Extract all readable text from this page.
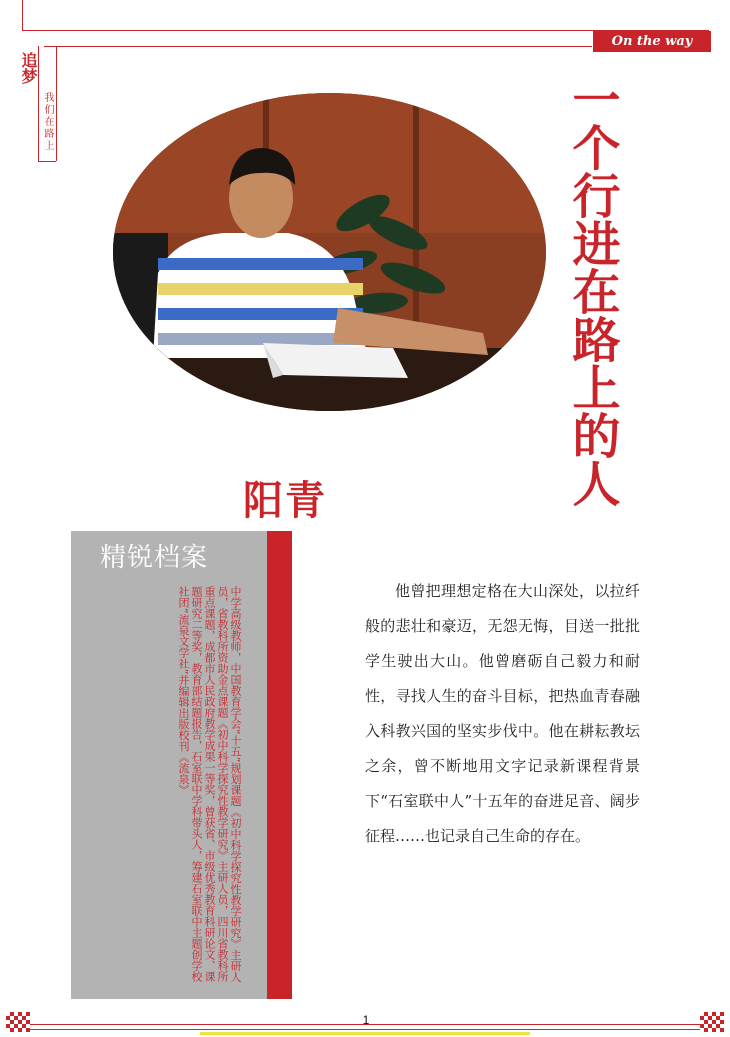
追梦
我们在路上
On the way
一个行进在路上的人
阳青
精锐档案
中学高级教师，中国教育学会“十五”规划课题《初中科学探究性教学研究》主研人员，省教科所资助金点课题《初中科学探究性教学研究》主研人员，四川省教科所重点课题，成都市人民政府教学成果一等奖，曾获省、市级优秀教育科研论文、课题研究二等奖，教育部结题报告，石室联中学科带头人，筹建石室联中主题创学校社团“流泉文学社”并编辑出版校刊《流泉》	他曾把理想定格在大山深处，以拉纤般的悲壮和豪迈，无怨无悔，目送一批批学生驶出大山。他曾磨砺自己毅力和耐性，寻找人生的奋斗目标，把热血青春融入科教兴国的坚实步伐中。他在耕耘教坛之余，曾不断地用文字记录新课程背景下“石室联中人”十五年的奋进足音、阔步征程……也记录自己生命的存在。
1
